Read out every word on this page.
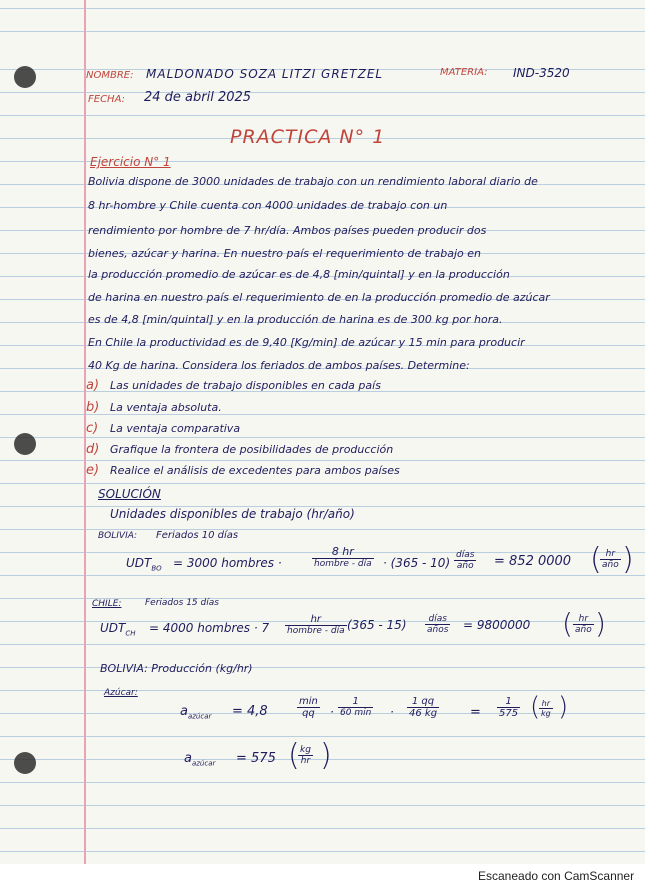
NOMBRE: MALDONADO SOZA LITZI GRETZEL	MATERIA: IND-3520
FECHA: 24 de abril 2025
PRACTICA N° 1
Ejercicio N° 1
Bolivia dispone de 3000 unidades de trabajo con un rendimiento laboral diario de
8 hr-hombre y Chile cuenta con 4000 unidades de trabajo con un
rendimiento por hombre de 7 hr/día. Ambos países pueden producir dos
bienes, azúcar y harina. En nuestro país el requerimiento de trabajo en
la producción promedio de azúcar es de 4,8 [min/quintal] y en la producción
de harina en nuestro país el requerimiento de en la producción promedio de azúcar
es de 4,8 [min/quintal] y en la producción de harina es de 300 kg por hora.
En Chile la productividad es de 9,40 [Kg/min] de azúcar y 15 min para producir
40 Kg de harina. Considera los feriados de ambos países. Determine:
a) Las unidades de trabajo disponibles en cada país
b) La ventaja absoluta.
c) La ventaja comparativa
d) Grafique la frontera de posibilidades de producción
e) Realice el análisis de excedentes para ambos países
SOLUCIÓN
Unidades disponibles de trabajo (hr/año)
BOLIVIA: Feriados 10 días
$UDT_{BO} = 3000$ hombres ·
8 hr
hombre - día · (365 - 10)
días
año = 852 0000 ( hr
año )
CHILE:	Feriados 15 días
$UDT_{CH} = 4000$ hombres · 7
hr
hombre - día (365 - 15)	días
años = 9800000 ( hr
año )
BOLIVIA: Producción (kg/hr)
Azúcar:
$a_{azúcar} = 4,8$
min
qq	·
1
60 $\min \cdot \frac{1 qq}{46 kg} = \frac{1}{575}$ (
$\frac{hr}{kg}$ )
$a_{azúcar} = 575$ (
$\frac{kg}{hr}$ )
Escaneado con CamScanner
